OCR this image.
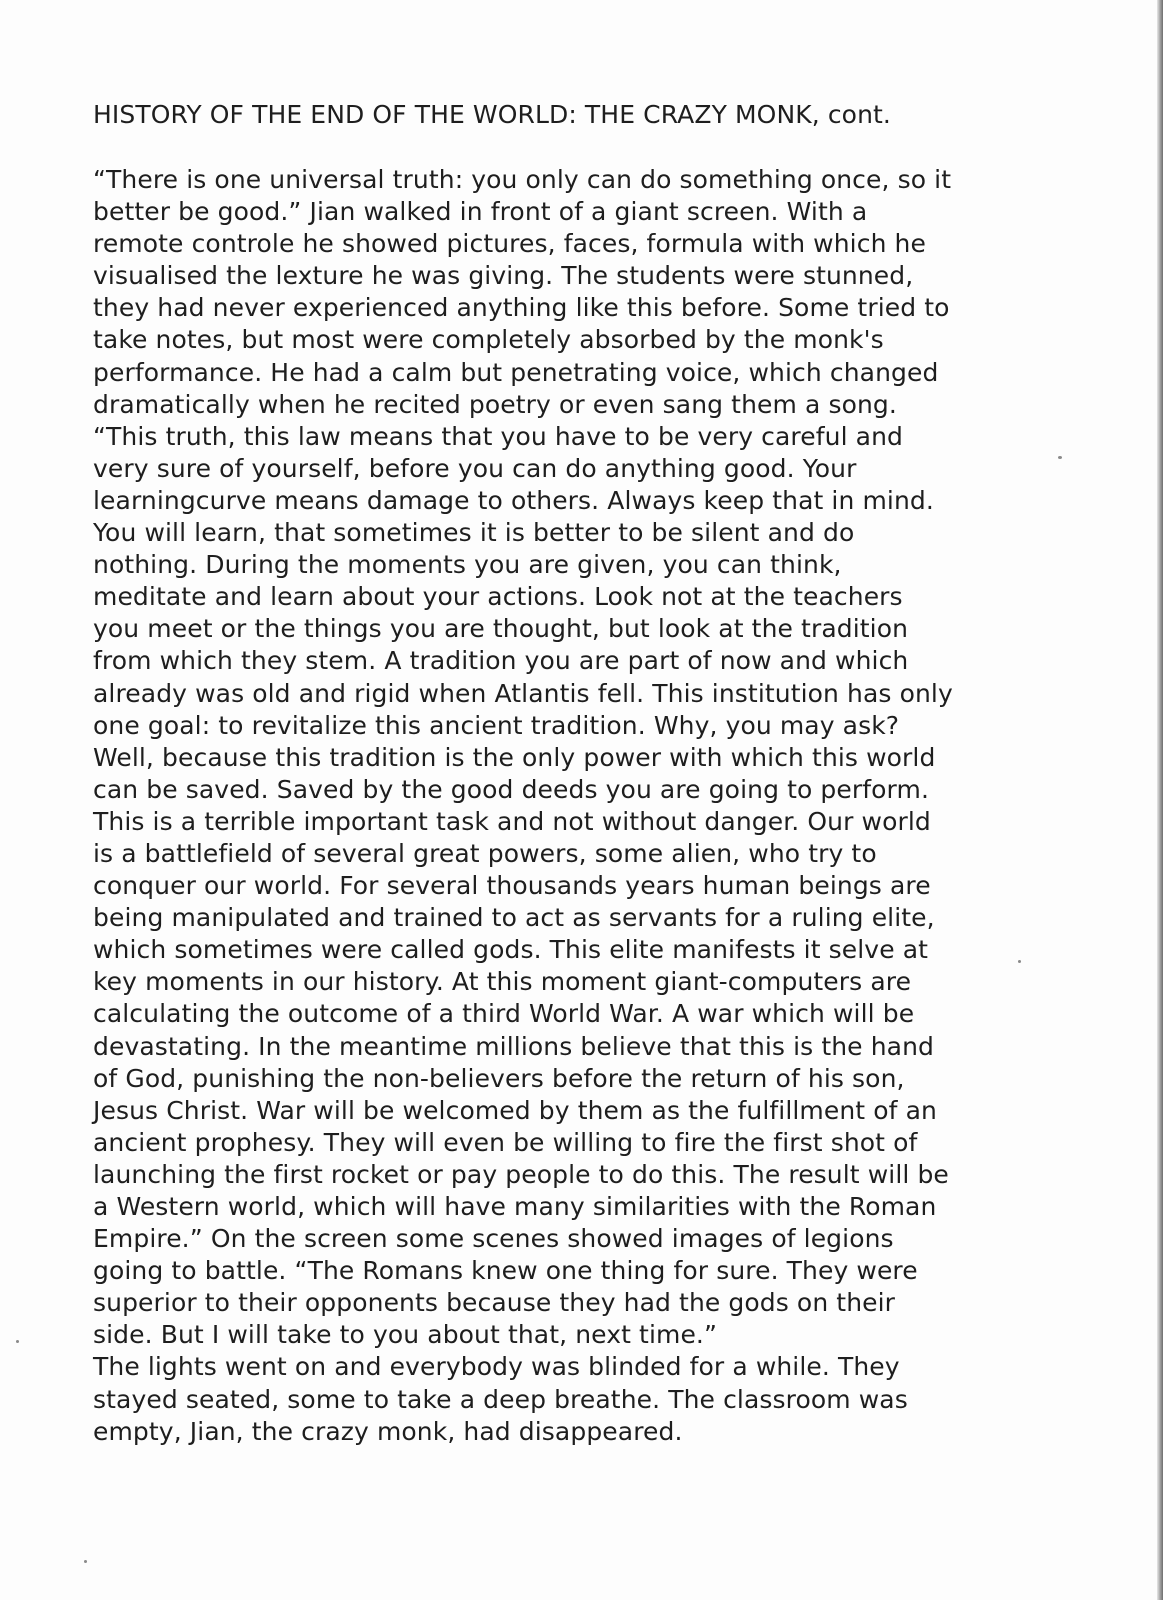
HISTORY OF THE END OF THE WORLD: THE CRAZY MONK, cont.
“There is one universal truth: you only can do something once, so it
better be good.” Jian walked in front of a giant screen. With a
remote controle he showed pictures, faces, formula with which he
visualised the lexture he was giving. The students were stunned,
they had never experienced anything like this before. Some tried to
take notes, but most were completely absorbed by the monk's
performance. He had a calm but penetrating voice, which changed
dramatically when he recited poetry or even sang them a song.
“This truth, this law means that you have to be very careful and
very sure of yourself, before you can do anything good. Your
learningcurve means damage to others. Always keep that in mind.
You will learn, that sometimes it is better to be silent and do
nothing. During the moments you are given, you can think,
meditate and learn about your actions. Look not at the teachers
you meet or the things you are thought, but look at the tradition
from which they stem. A tradition you are part of now and which
already was old and rigid when Atlantis fell. This institution has only
one goal: to revitalize this ancient tradition. Why, you may ask?
Well, because this tradition is the only power with which this world
can be saved. Saved by the good deeds you are going to perform.
This is a terrible important task and not without danger. Our world
is a battlefield of several great powers, some alien, who try to
conquer our world. For several thousands years human beings are
being manipulated and trained to act as servants for a ruling elite,
which sometimes were called gods. This elite manifests it selve at
key moments in our history. At this moment giant-computers are
calculating the outcome of a third World War. A war which will be
devastating. In the meantime millions believe that this is the hand
of God, punishing the non-believers before the return of his son,
Jesus Christ. War will be welcomed by them as the fulfillment of an
ancient prophesy. They will even be willing to fire the first shot of
launching the first rocket or pay people to do this. The result will be
a Western world, which will have many similarities with the Roman
Empire.” On the screen some scenes showed images of legions
going to battle. “The Romans knew one thing for sure. They were
superior to their opponents because they had the gods on their
side. But I will take to you about that, next time.”
The lights went on and everybody was blinded for a while. They
stayed seated, some to take a deep breathe. The classroom was
empty, Jian, the crazy monk, had disappeared.
